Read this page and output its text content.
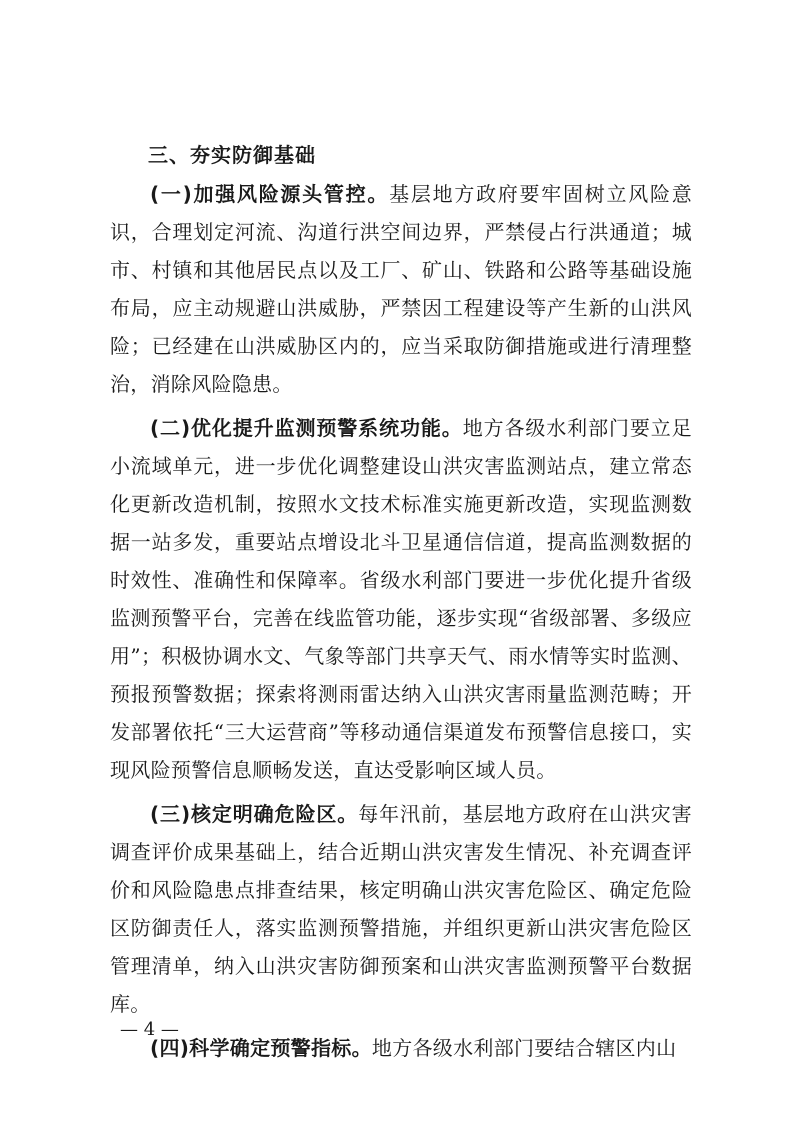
三、夯实防御基础

(一)加强风险源头管控。基层地方政府要牢固树立风险意识，合理划定河流、沟道行洪空间边界，严禁侵占行洪通道；城市、村镇和其他居民点以及工厂、矿山、铁路和公路等基础设施布局，应主动规避山洪威胁，严禁因工程建设等产生新的山洪风险；已经建在山洪威胁区内的，应当采取防御措施或进行清理整治，消除风险隐患。

(二)优化提升监测预警系统功能。地方各级水利部门要立足小流域单元，进一步优化调整建设山洪灾害监测站点，建立常态化更新改造机制，按照水文技术标准实施更新改造，实现监测数据一站多发，重要站点增设北斗卫星通信信道，提高监测数据的时效性、准确性和保障率。省级水利部门要进一步优化提升省级监测预警平台，完善在线监管功能，逐步实现“省级部署、多级应用”；积极协调水文、气象等部门共享天气、雨水情等实时监测、预报预警数据；探索将测雨雷达纳入山洪灾害雨量监测范畴；开发部署依托“三大运营商”等移动通信渠道发布预警信息接口，实现风险预警信息顺畅发送，直达受影响区域人员。

(三)核定明确危险区。每年汛前，基层地方政府在山洪灾害调查评价成果基础上，结合近期山洪灾害发生情况、补充调查评价和风险隐患点排查结果，核定明确山洪灾害危险区、确定危险区防御责任人，落实监测预警措施，并组织更新山洪灾害危险区管理清单，纳入山洪灾害防御预案和山洪灾害监测预警平台数据库。

(四)科学确定预警指标。地方各级水利部门要结合辖区内山

— 4 —
